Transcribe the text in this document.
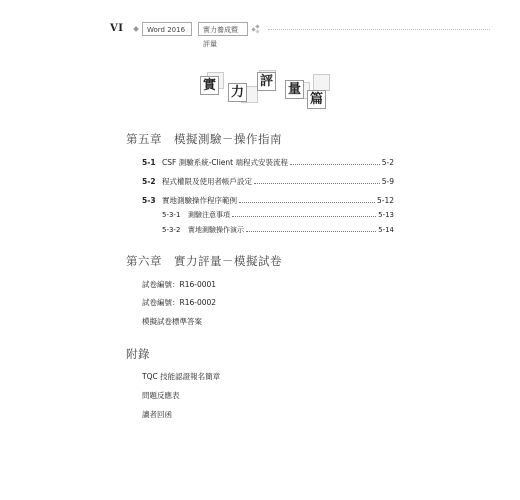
VI	Word 2016	實力養成暨評量
實 力
評
量
篇
第五章　模擬測驗－操作指南
5-1 CSF 測驗系統-Client 端程式安裝流程	5-2
5-2 程式權限及使用者帳戶設定	5-9
5-3 實地測驗操作程序範例	5-12
5-3-1	測驗注意事項	5-13
5-3-2	實地測驗操作演示	5-14
第六章　實力評量－模擬試卷
試卷編號：R16-0001
試卷編號：R16-0002
模擬試卷標準答案
附錄
TQC 技能認證報名簡章
問題反應表
讀者回函
